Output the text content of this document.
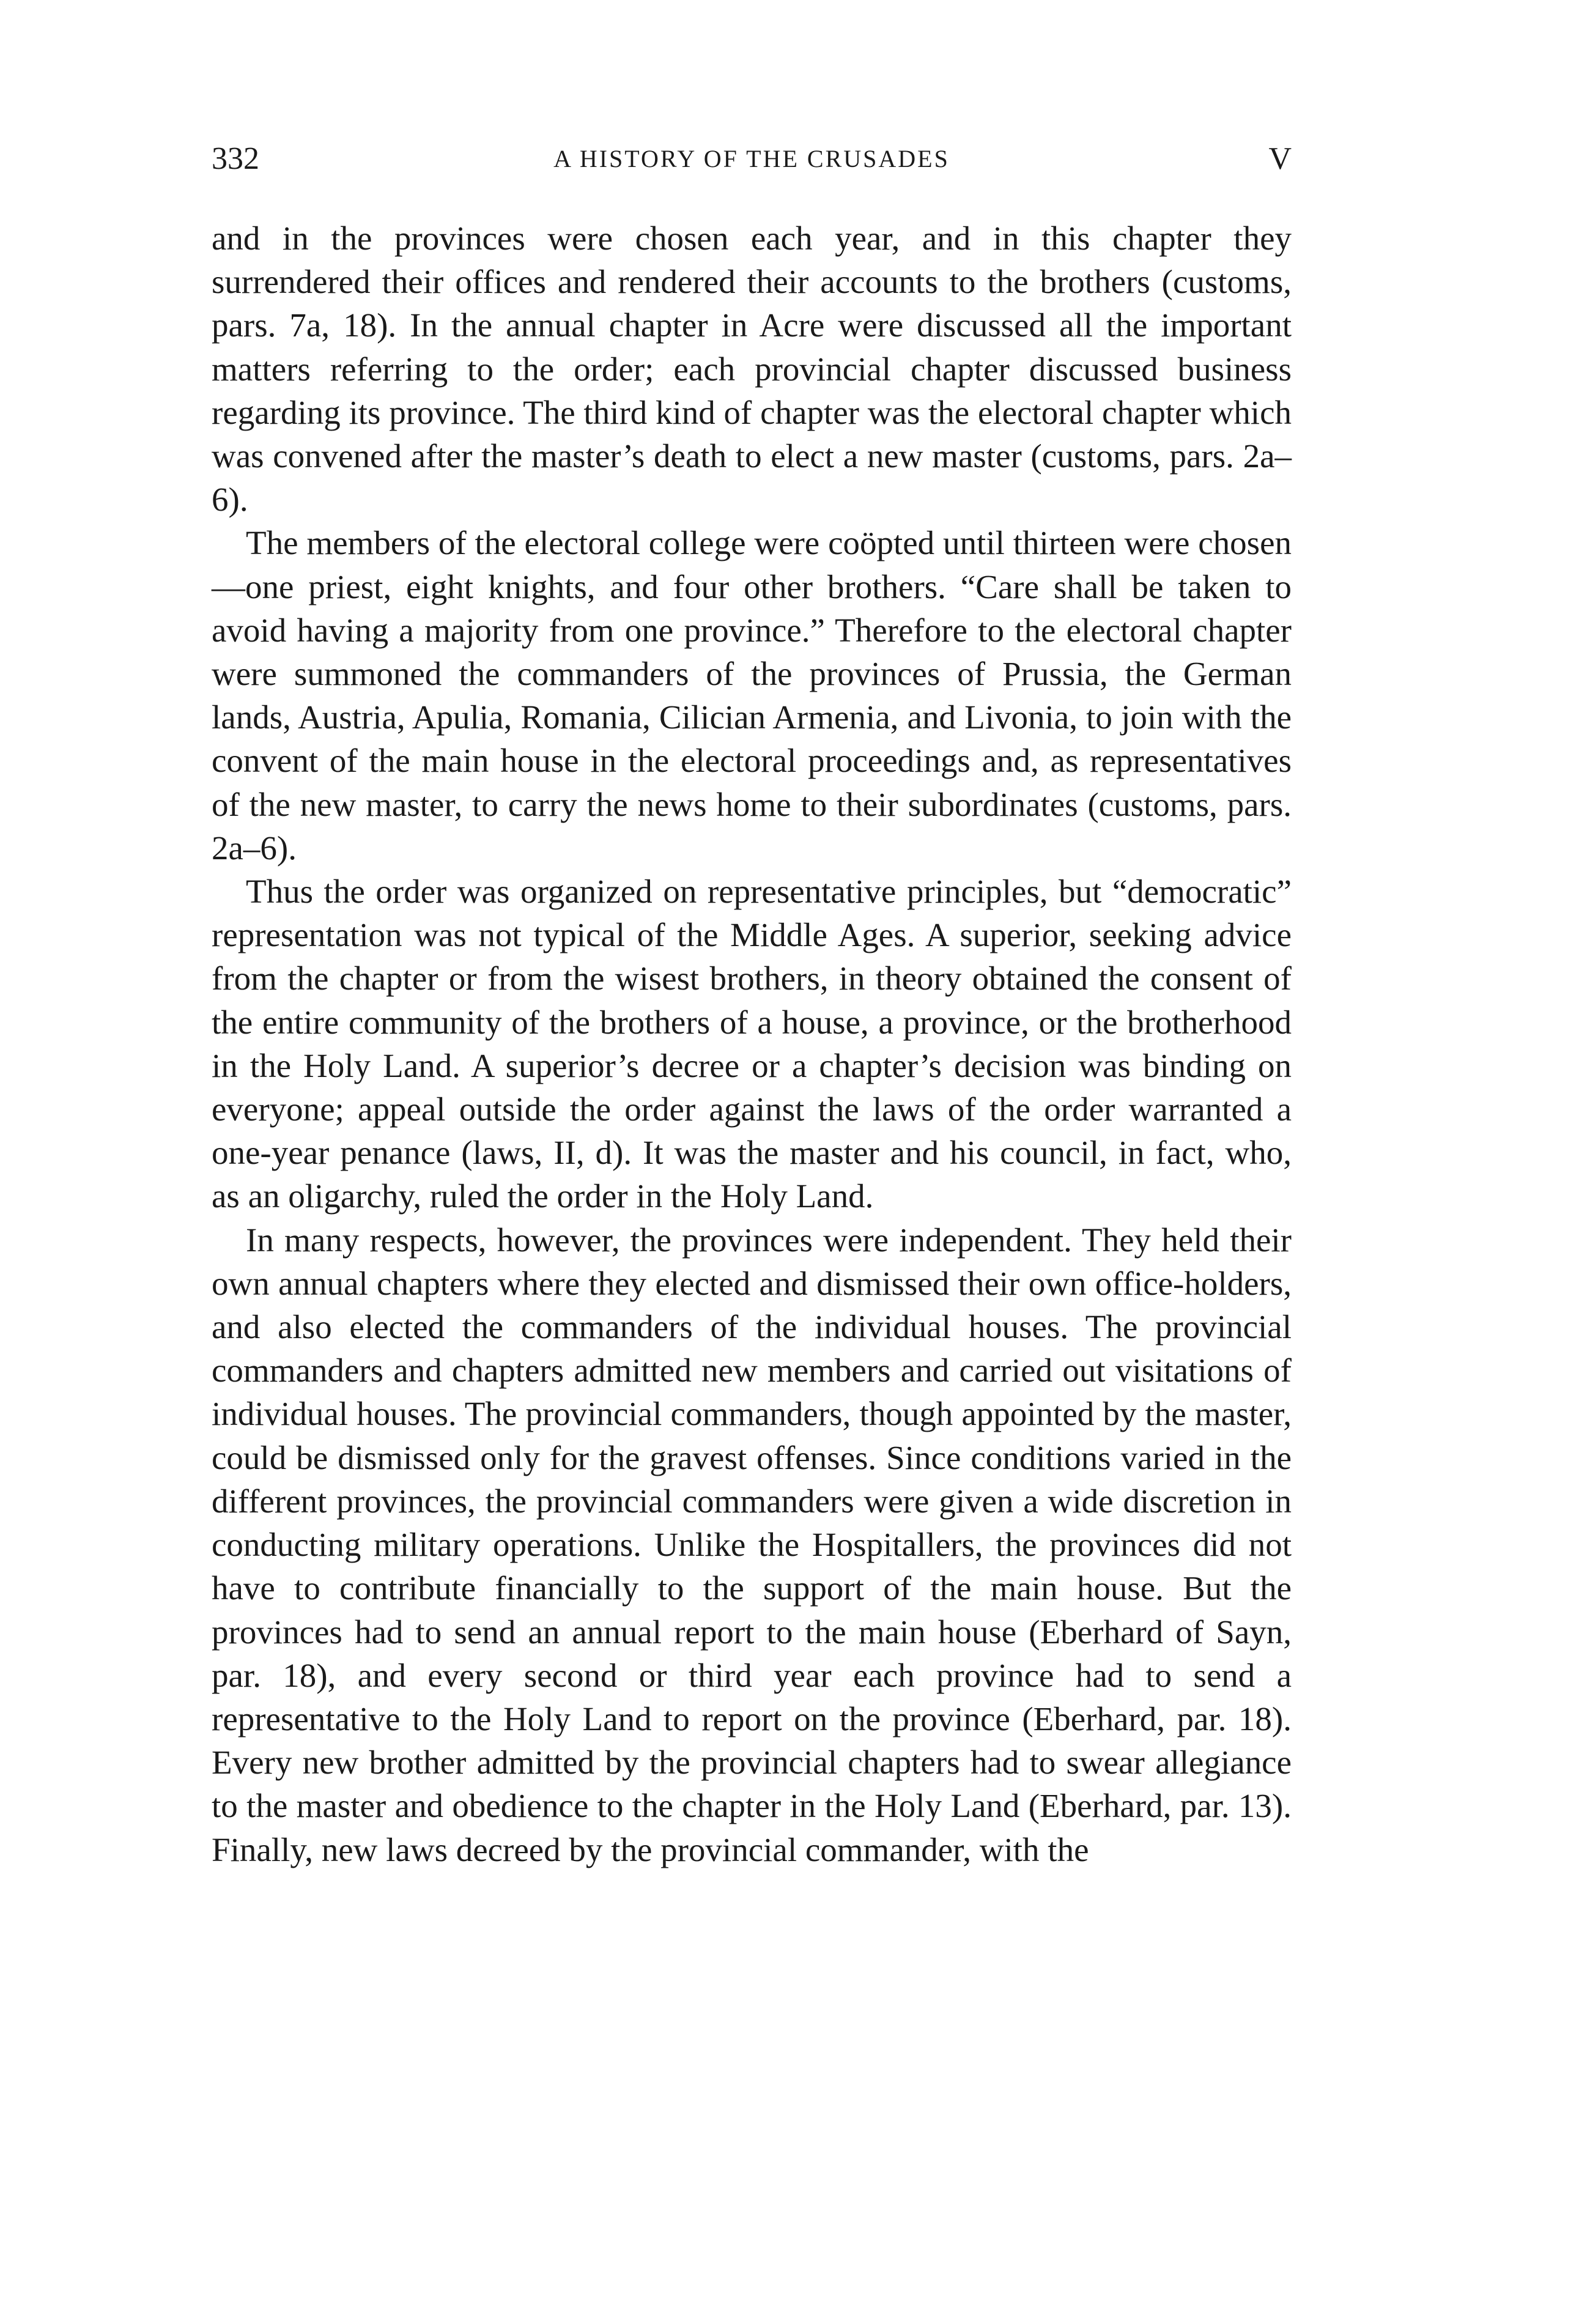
332	A HISTORY OF THE CRUSADES	V

and in the provinces were chosen each year, and in this chapter they surrendered their offices and rendered their accounts to the brothers (customs, pars. 7a, 18). In the annual chapter in Acre were discussed all the important matters referring to the order; each provincial chapter discussed business regarding its province. The third kind of chapter was the electoral chapter which was convened after the master’s death to elect a new master (customs, pars. 2a–6).

The members of the electoral college were coöpted until thirteen were chosen—one priest, eight knights, and four other brothers. “Care shall be taken to avoid having a majority from one province.” Therefore to the electoral chapter were summoned the commanders of the provinces of Prussia, the German lands, Austria, Apulia, Romania, Cilician Armenia, and Livonia, to join with the convent of the main house in the electoral proceedings and, as representatives of the new master, to carry the news home to their subordinates (customs, pars. 2a–6).

Thus the order was organized on representative principles, but “democratic” representation was not typical of the Middle Ages. A superior, seeking advice from the chapter or from the wisest brothers, in theory obtained the consent of the entire community of the brothers of a house, a province, or the brotherhood in the Holy Land. A superior’s decree or a chapter’s decision was binding on everyone; appeal outside the order against the laws of the order warranted a one-year penance (laws, II, d). It was the master and his council, in fact, who, as an oligarchy, ruled the order in the Holy Land.

In many respects, however, the provinces were independent. They held their own annual chapters where they elected and dismissed their own office-holders, and also elected the commanders of the individual houses. The provincial commanders and chapters admitted new members and carried out visitations of individual houses. The provincial commanders, though appointed by the master, could be dismissed only for the gravest offenses. Since conditions varied in the different provinces, the provincial commanders were given a wide discretion in conducting military operations. Unlike the Hospitallers, the provinces did not have to contribute financially to the support of the main house. But the provinces had to send an annual report to the main house (Eberhard of Sayn, par. 18), and every second or third year each province had to send a representative to the Holy Land to report on the province (Eberhard, par. 18). Every new brother admitted by the provincial chapters had to swear allegiance to the master and obedience to the chapter in the Holy Land (Eberhard, par. 13). Finally, new laws decreed by the provincial commander, with the
